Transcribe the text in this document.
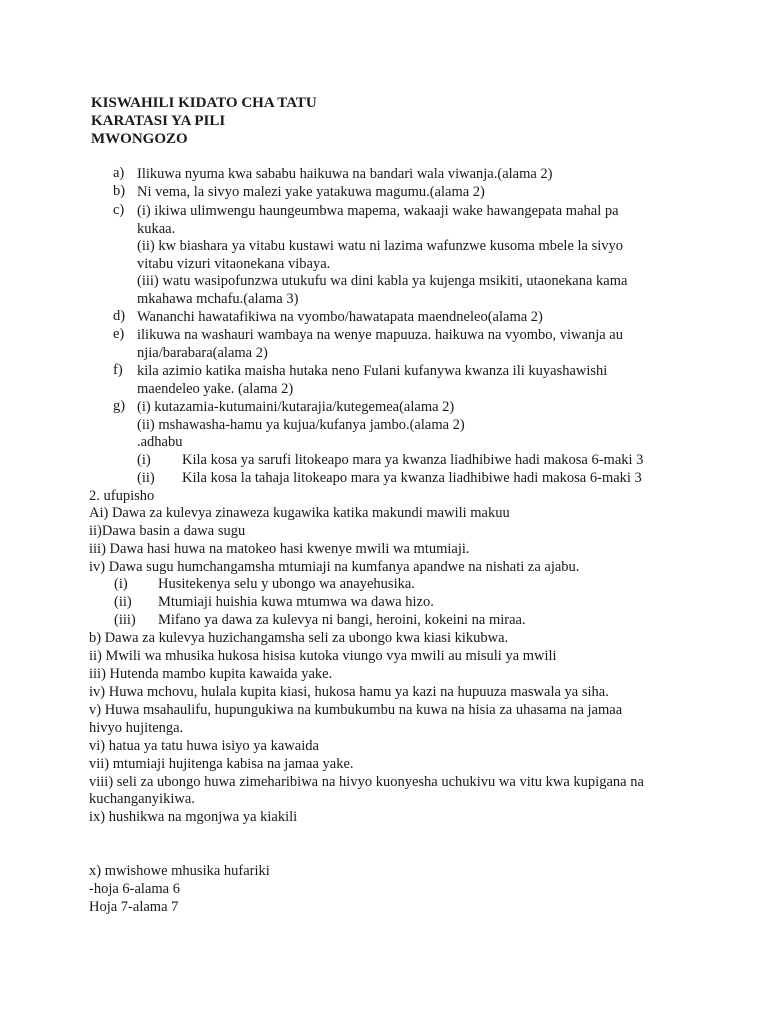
KISWAHILI KIDATO CHA TATU
KARATASI YA PILI
MWONGOZO
a) Ilikuwa nyuma kwa sababu haikuwa na bandari wala viwanja.(alama 2)
b) Ni vema, la sivyo malezi yake yatakuwa magumu.(alama 2)
c) (i) ikiwa ulimwengu haungeumbwa mapema, wakaaji wake hawangepata mahal pa
kukaa.
(ii) kw biashara ya vitabu kustawi watu ni lazima wafunzwe kusoma mbele la sivyo
vitabu vizuri vitaonekana vibaya.
(iii) watu wasipofunzwa utukufu wa dini kabla ya kujenga msikiti, utaonekana kama
mkahawa mchafu.(alama 3)
d) Wananchi hawatafikiwa na vyombo/hawatapata maendneleo(alama 2)
e) ilikuwa na washauri wambaya na wenye mapuuza. haikuwa na vyombo, viwanja au
njia/barabara(alama 2)
f) kila azimio katika maisha hutaka neno Fulani kufanywa kwanza ili kuyashawishi
maendeleo yake. (alama 2)
g) (i) kutazamia-kutumaini/kutarajia/kutegemea(alama 2)
(ii) mshawasha-hamu ya kujua/kufanya jambo.(alama 2)
.adhabu
(i) Kila kosa ya sarufi litokeapo mara ya kwanza liadhibiwe hadi makosa 6-maki 3
(ii) Kila kosa la tahaja litokeapo mara ya kwanza liadhibiwe hadi makosa 6-maki 3
2. ufupisho
Ai) Dawa za kulevya zinaweza kugawika katika makundi mawili makuu
ii)Dawa basin a dawa sugu
iii) Dawa hasi huwa na matokeo hasi kwenye mwili wa mtumiaji.
iv) Dawa sugu humchangamsha mtumiaji na kumfanya apandwe na nishati za ajabu.
(i) Husitekenya selu y ubongo wa anayehusika.
(ii) Mtumiaji huishia kuwa mtumwa wa dawa hizo.
(iii) Mifano ya dawa za kulevya ni bangi, heroini, kokeini na miraa.
b) Dawa za kulevya huzichangamsha seli za ubongo kwa kiasi kikubwa.
ii) Mwili wa mhusika hukosa hisisa kutoka viungo vya mwili au misuli ya mwili
iii) Hutenda mambo kupita kawaida yake.
iv) Huwa mchovu, hulala kupita kiasi, hukosa hamu ya kazi na hupuuza maswala ya siha.
v) Huwa msahaulifu, hupungukiwa na kumbukumbu na kuwa na hisia za uhasama na jamaa
hivyo hujitenga.
vi) hatua ya tatu huwa isiyo ya kawaida
vii) mtumiaji hujitenga kabisa na jamaa yake.
viii) seli za ubongo huwa zimeharibiwa na hivyo kuonyesha uchukivu wa vitu kwa kupigana na
kuchanganyikiwa.
ix) hushikwa na mgonjwa ya kiakili
x) mwishowe mhusika hufariki
-hoja 6-alama 6
Hoja 7-alama 7
